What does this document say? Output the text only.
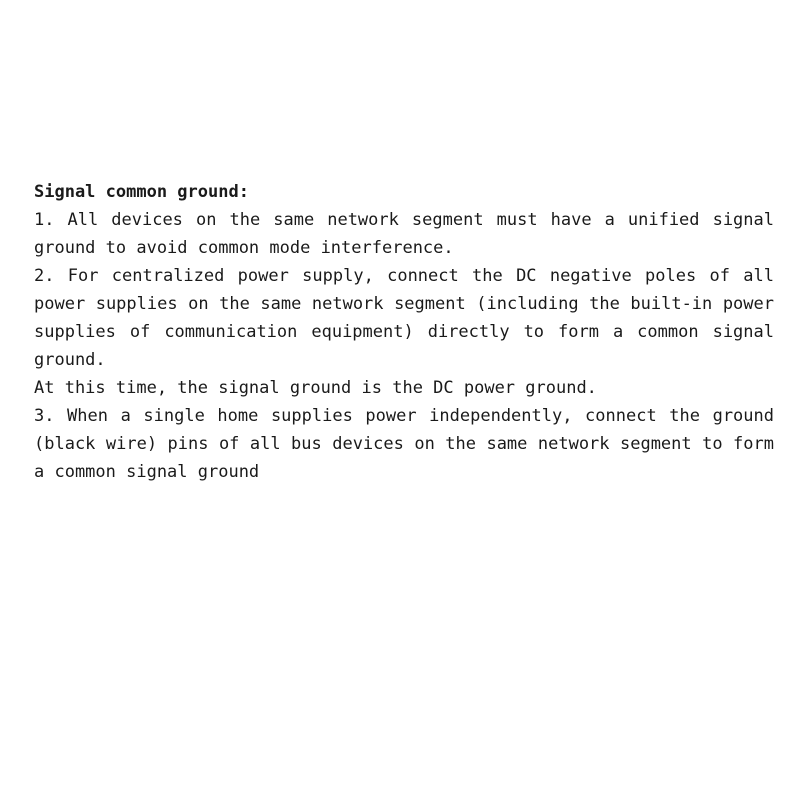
Signal common ground:

1. All devices on the same network segment must have a unified signal ground to avoid common mode interference.

2. For centralized power supply, connect the DC negative poles of all power supplies on the same network segment (including the built-in power supplies of communication equipment) directly to form a common signal ground.

At this time, the signal ground is the DC power ground.

3. When a single home supplies power independently, connect the ground (black wire) pins of all bus devices on the same network segment to form a common signal ground
